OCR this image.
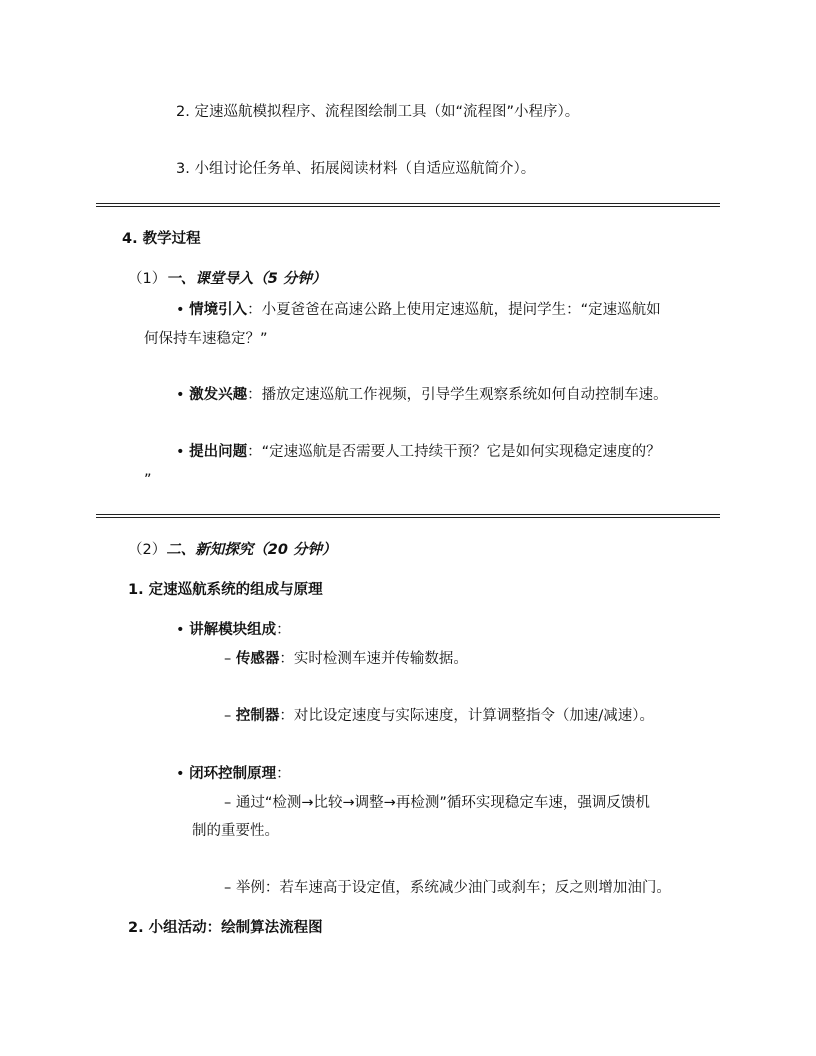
2. 定速巡航模拟程序、流程图绘制工具（如“流程图”小程序）。
3. 小组讨论任务单、拓展阅读材料（自适应巡航简介）。
4. 教学过程
（1）一、课堂导入（5 分钟）
• 情境引入：小夏爸爸在高速公路上使用定速巡航，提问学生：“定速巡航如
何保持车速稳定？”
• 激发兴趣：播放定速巡航工作视频，引导学生观察系统如何自动控制车速。
• 提出问题：“定速巡航是否需要人工持续干预？它是如何实现稳定速度的？
”
（2）二、新知探究（20 分钟）
1. 定速巡航系统的组成与原理
• 讲解模块组成：
– 传感器：实时检测车速并传输数据。
– 控制器：对比设定速度与实际速度，计算调整指令（加速/减速）。
• 闭环控制原理：
– 通过“检测→比较→调整→再检测”循环实现稳定车速，强调反馈机
制的重要性。
– 举例：若车速高于设定值，系统减少油门或刹车；反之则增加油门。
2. 小组活动：绘制算法流程图
